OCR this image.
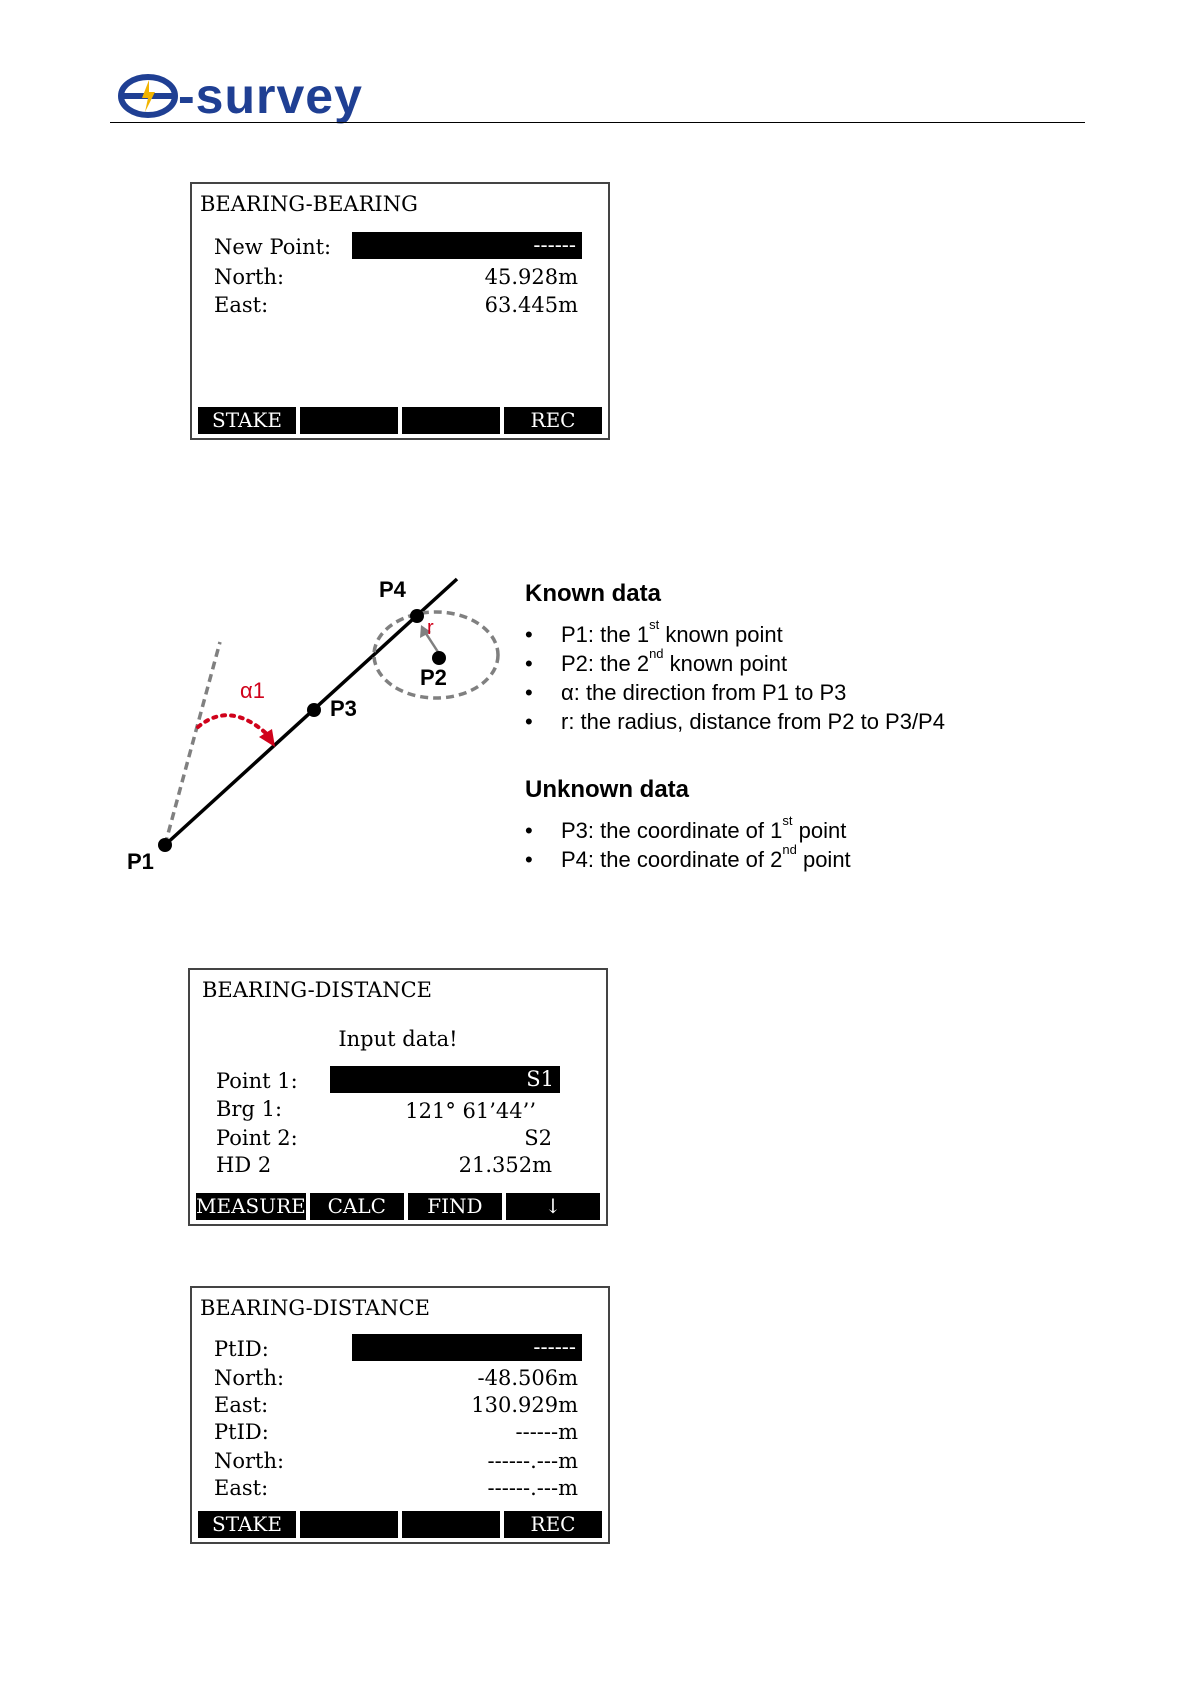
-survey
BEARING-BEARING
New Point:	------
North:	45.928m
East:	63.445m
STAKE	REC
P1
P3
P4
P2
α1
r
Known data
• P1: the 1st known point
• P2: the 2nd known point
• α: the direction from P1 to P3
• r: the radius, distance from P2 to P3/P4
Unknown data
• P3: the coordinate of 1st point
• P4: the coordinate of 2nd point
BEARING-DISTANCE
Input data!
Point 1:	S1
Brg 1:	121° 61’44’’
Point 2:	S2
HD 2	21.352m
MEASURE	CALC	FIND	↓
BEARING-DISTANCE
PtID:	------
North:	-48.506m
East:	130.929m
PtID:	------m
North:	------.---m
East:	------.---m
STAKE	REC
